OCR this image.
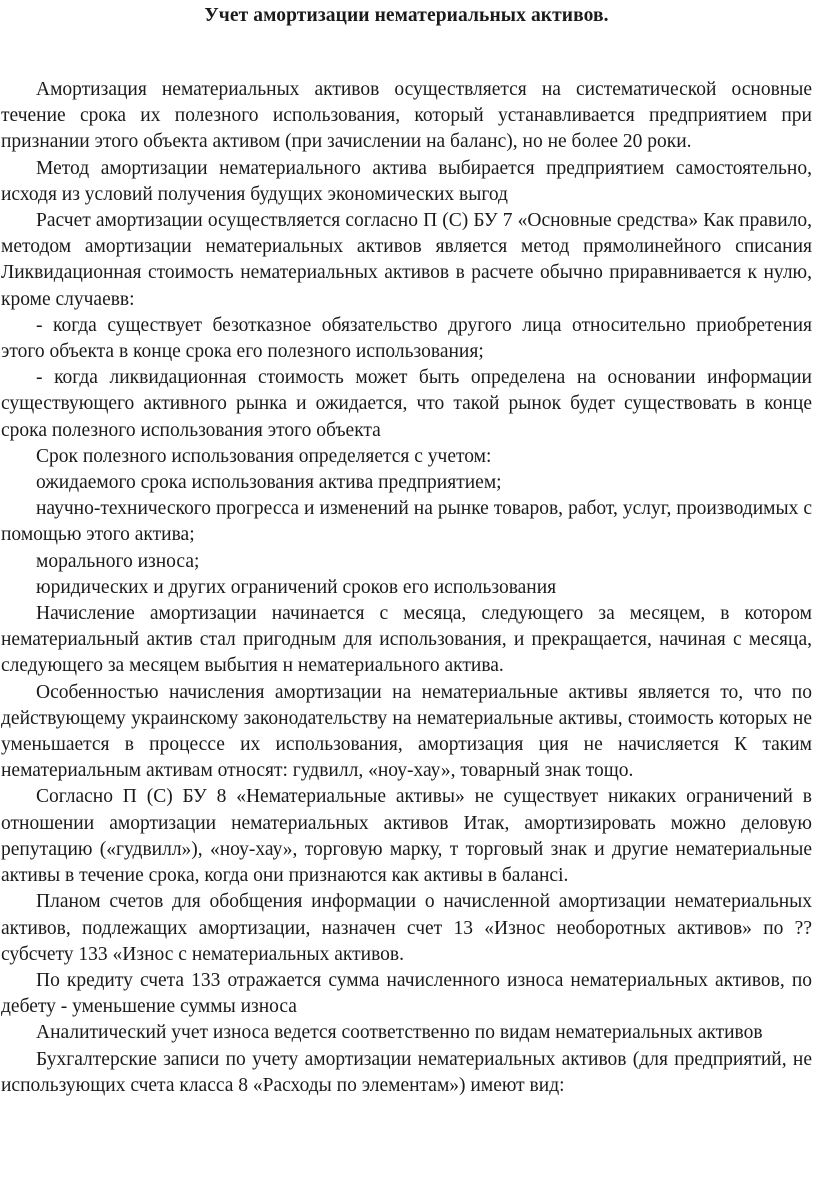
Учет амортизации нематериальных активов.

Амортизация нематериальных активов осуществляется на систематической основные течение срока их полезного использования, который устанавливается предприятием при признании этого объекта активом (при зачислении на баланс), но не более 20 роки.

Метод амортизации нематериального актива выбирается предприятием самостоятельно, исходя из условий получения будущих экономических выгод

Расчет амортизации осуществляется согласно П (С) БУ 7 «Основные средства» Как правило, методом амортизации нематериальных активов является метод прямолинейного списания Ликвидационная стоимость нематериальных активов в расчете обычно приравнивается к нулю, кроме случаевв:

- когда существует безотказное обязательство другого лица относительно приобретения этого объекта в конце срока его полезного использования;

- когда ликвидационная стоимость может быть определена на основании информации существующего активного рынка и ожидается, что такой рынок будет существовать в конце срока полезного использования этого объекта

Срок полезного использования определяется с учетом:

ожидаемого срока использования актива предприятием;

научно-технического прогресса и изменений на рынке товаров, работ, услуг, производимых с помощью этого актива;

морального износа;

юридических и других ограничений сроков его использования

Начисление амортизации начинается с месяца, следующего за месяцем, в котором нематериальный актив стал пригодным для использования, и прекращается, начиная с месяца, следующего за месяцем выбытия н нематериального актива.

Особенностью начисления амортизации на нематериальные активы является то, что по действующему украинскому законодательству на нематериальные активы, стоимость которых не уменьшается в процессе их использования, амортизация ция не начисляется К таким нематериальным активам относят: гудвилл, «ноу-хау», товарный знак тощо.

Согласно П (С) БУ 8 «Нематериальные активы» не существует никаких ограничений в отношении амортизации нематериальных активов Итак, амортизировать можно деловую репутацию («гудвилл»), «ноу-хау», торговую марку, т торговый знак и другие нематериальные активы в течение срока, когда они признаются как активы в балансі.

Планом счетов для обобщения информации о начисленной амортизации нематериальных активов, подлежащих амортизации, назначен счет 13 «Износ необоротных активов» по ??субсчету 133 «Износ с нематериальных активов.

По кредиту счета 133 отражается сумма начисленного износа нематериальных активов, по дебету - уменьшение суммы износа

Аналитический учет износа ведется соответственно по видам нематериальных активов

Бухгалтерские записи по учету амортизации нематериальных активов (для предприятий, не использующих счета класса 8 «Расходы по элементам») имеют вид:
